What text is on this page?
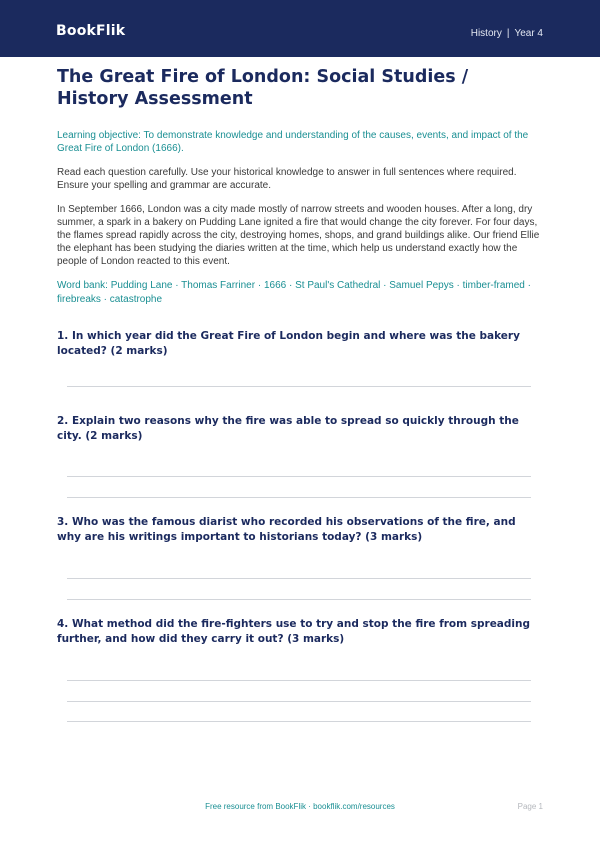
BookFlik	History | Year 4
The Great Fire of London: Social Studies / History Assessment

Learning objective: To demonstrate knowledge and understanding of the causes, events, and impact of the Great Fire of London (1666).

Read each question carefully. Use your historical knowledge to answer in full sentences where required. Ensure your spelling and grammar are accurate.

In September 1666, London was a city made mostly of narrow streets and wooden houses. After a long, dry summer, a spark in a bakery on Pudding Lane ignited a fire that would change the city forever. For four days, the flames spread rapidly across the city, destroying homes, shops, and grand buildings alike. Our friend Ellie the elephant has been studying the diaries written at the time, which help us understand exactly how the people of London reacted to this event.

Word bank: Pudding Lane · Thomas Farriner · 1666 · St Paul's Cathedral · Samuel Pepys · timber-framed · firebreaks · catastrophe

1. In which year did the Great Fire of London begin and where was the bakery located? (2 marks)
2. Explain two reasons why the fire was able to spread so quickly through the city. (2 marks)
3. Who was the famous diarist who recorded his observations of the fire, and why are his writings important to historians today? (3 marks)
4. What method did the fire-fighters use to try and stop the fire from spreading further, and how did they carry it out? (3 marks)
Free resource from BookFlik · bookflik.com/resources	Page 1
